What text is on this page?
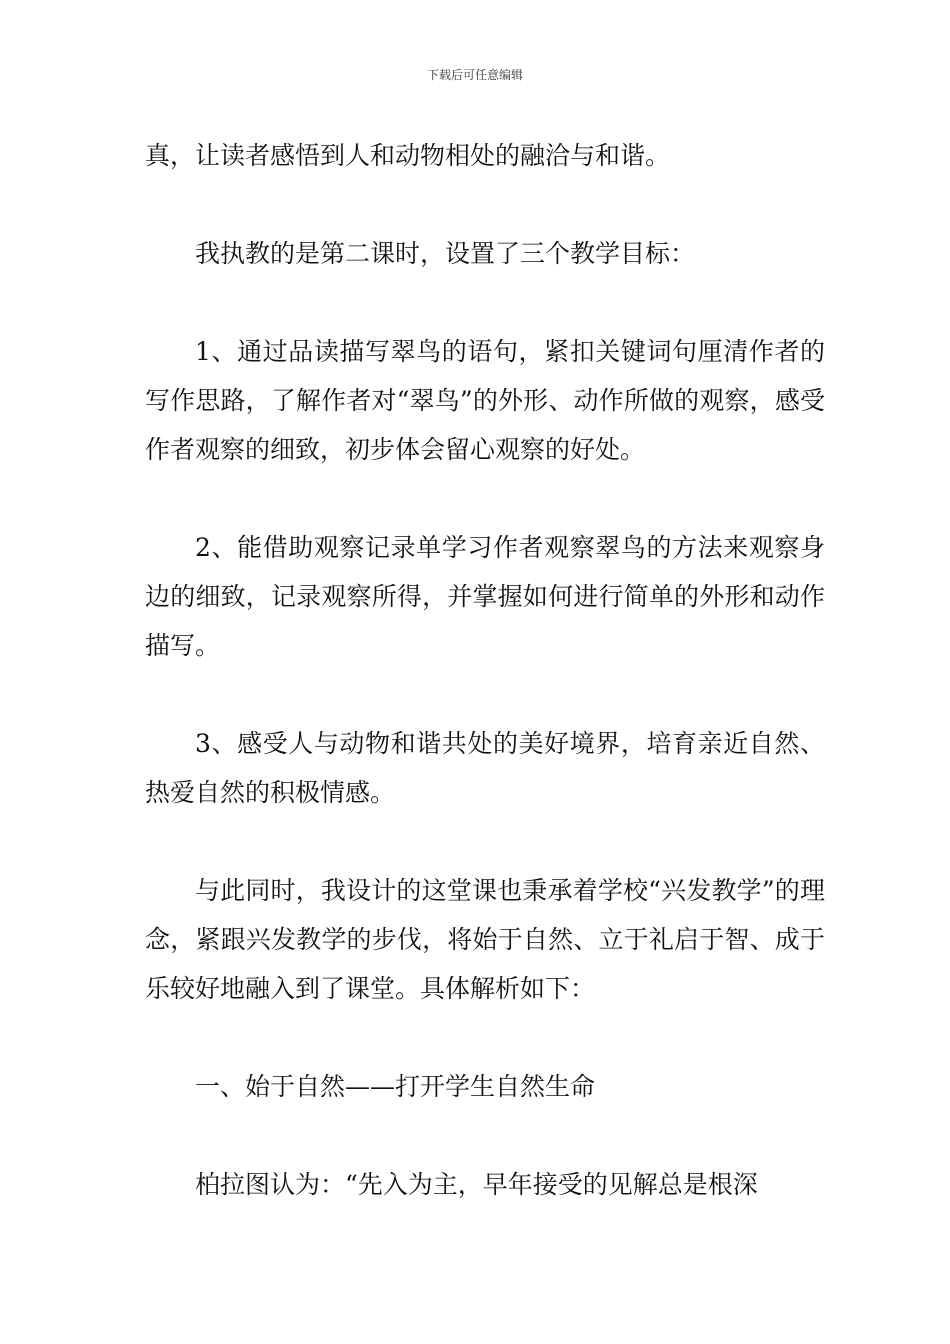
下载后可任意编辑

真，让读者感悟到人和动物相处的融洽与和谐。

我执教的是第二课时，设置了三个教学目标：

1、通过品读描写翠鸟的语句，紧扣关键词句厘清作者的写作思路，了解作者对“翠鸟”的外形、动作所做的观察，感受作者观察的细致，初步体会留心观察的好处。

2、能借助观察记录单学习作者观察翠鸟的方法来观察身边的细致，记录观察所得，并掌握如何进行简单的外形和动作描写。

3、感受人与动物和谐共处的美好境界，培育亲近自然、热爱自然的积极情感。

与此同时，我设计的这堂课也秉承着学校“兴发教学”的理念，紧跟兴发教学的步伐，将始于自然、立于礼启于智、成于乐较好地融入到了课堂。具体解析如下：

一、始于自然——打开学生自然生命

柏拉图认为：“先入为主，早年接受的见解总是根深
